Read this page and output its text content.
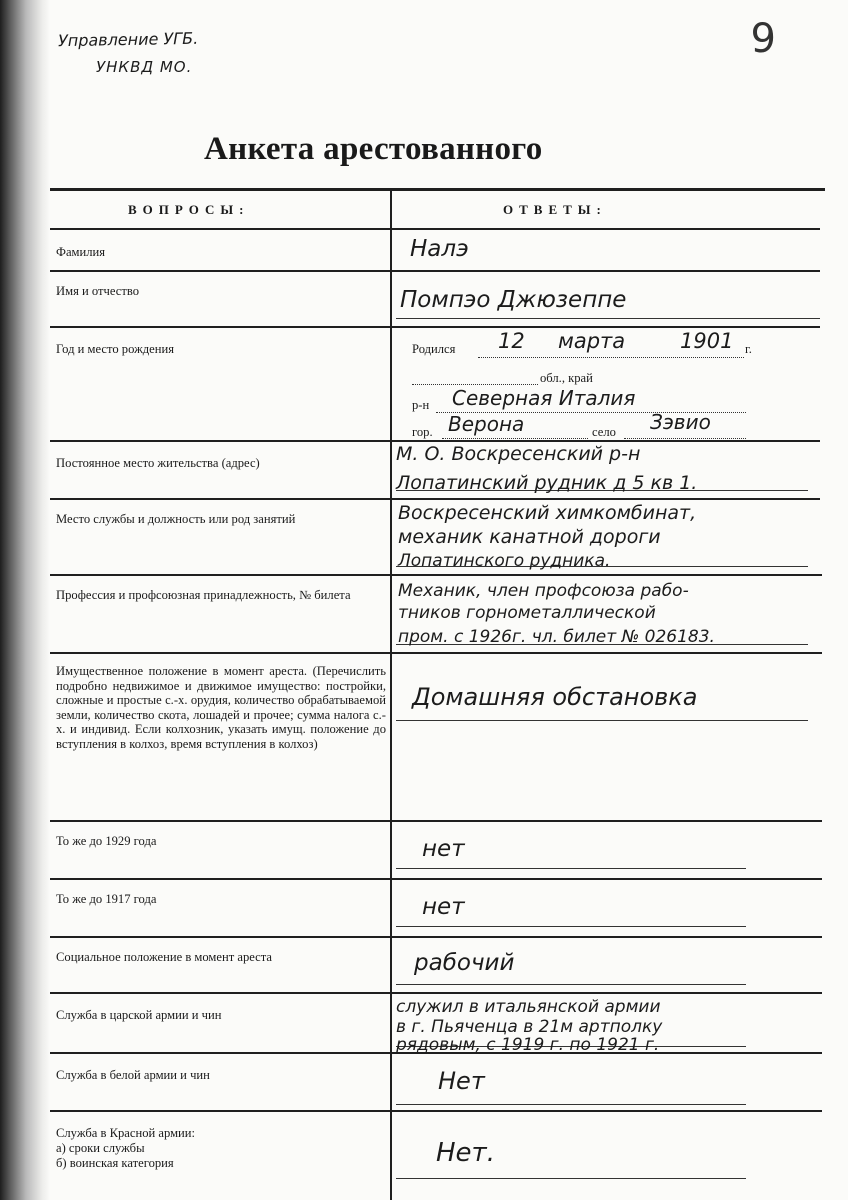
Управление УГБ.
УНКВД МО.
9
Анкета арестованного
ВОПРОСЫ:	ОТВЕТЫ:
Фамилия	Налэ
Имя и отчество	Помпэо Джюзеппе
Год и место рождения	Родился 12 марта	1901 г.
обл., край
р-н Северная Италия
гор. Верона	село Зэвио
Постоянное место жительства (адрес)	М. О. Воскресенский р-н
Лопатинский рудник д 5 кв 1.
Место службы и должность или род занятий	Воскресенский химкомбинат,
механик канатной дороги
Лопатинского рудника.
Профессия и профсоюзная принадлежность, № билета	Механик, член профсоюза рабо-
тников горнометаллической
пром. с 1926г. чл. билет № 026183.
Имущественное положение в момент ареста. (Перечислить подробно недвижимое и движимое имущество: постройки, сложные и простые с.-х. орудия, количество обрабатываемой земли, количество скота, лошадей и прочее; сумма налога с.-х. и индивид. Если колхозник, указать имущ. положение до вступления в колхоз, время вступления в колхоз)
Домашняя обстановка
То же до 1929 года	нет
То же до 1917 года	нет
Социальное положение в момент ареста	рабочий
Служба в царской армии и чин	служил в итальянской армии
в г. Пьяченца в 21м артполку
рядовым, с 1919 г. по 1921 г.
Служба в белой армии и чин	Нет
Служба в Красной армии:
а) сроки службы
б) воинская категория	Нет.
